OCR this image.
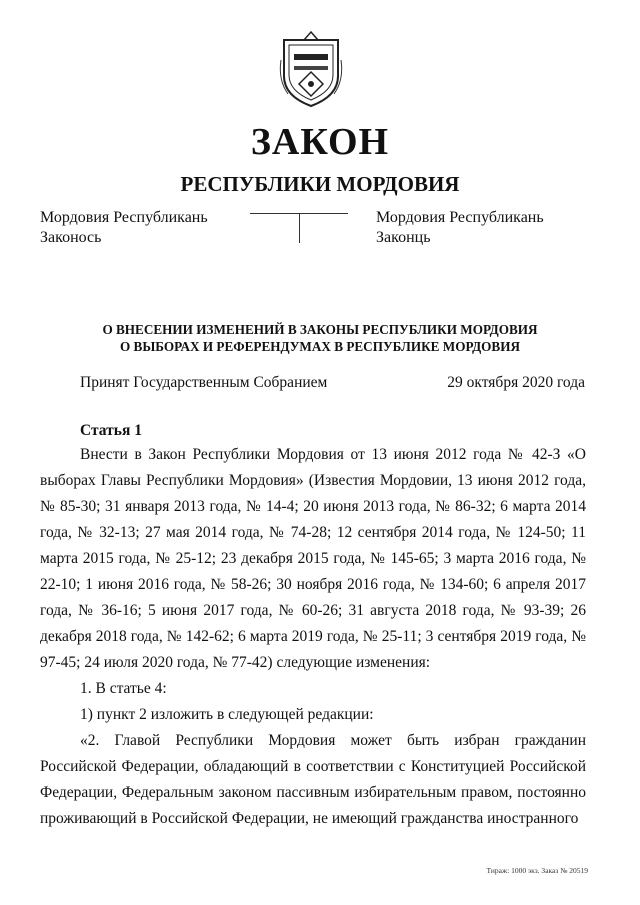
ЗАКОН
РЕСПУБЛИКИ МОРДОВИЯ
Мордовия Республикань
Законось
Мордовия Республикань
Законць
О ВНЕСЕНИИ ИЗМЕНЕНИЙ В ЗАКОНЫ РЕСПУБЛИКИ МОРДОВИЯ
О ВЫБОРАХ И РЕФЕРЕНДУМАХ В РЕСПУБЛИКЕ МОРДОВИЯ
Принят Государственным Собранием	29 октября 2020 года
Статья 1

Внести в Закон Республики Мордовия от 13 июня 2012 года № 42-З «О выборах Главы Республики Мордовия» (Известия Мордовии, 13 июня 2012 года, № 85-30; 31 января 2013 года, № 14-4; 20 июня 2013 года, № 86-32; 6 марта 2014 года, № 32-13; 27 мая 2014 года, № 74-28; 12 сентября 2014 года, № 124-50; 11 марта 2015 года, № 25-12; 23 декабря 2015 года, № 145-65; 3 марта 2016 года, № 22-10; 1 июня 2016 года, № 58-26; 30 ноября 2016 года, № 134-60; 6 апреля 2017 года, № 36-16; 5 июня 2017 года, № 60-26; 31 августа 2018 года, № 93-39; 26 декабря 2018 года, № 142-62; 6 марта 2019 года, № 25-11; 3 сентября 2019 года, № 97-45; 24 июля 2020 года, № 77-42) следующие изменения:

1. В статье 4:

1) пункт 2 изложить в следующей редакции:

«2. Главой Республики Мордовия может быть избран гражданин Российской Федерации, обладающий в соответствии с Конституцией Российской Федерации, Федеральным законом пассивным избирательным правом, постоянно проживающий в Российской Федерации, не имеющий гражданства иностранного

Тираж: 1000 экз. Заказ № 20519
